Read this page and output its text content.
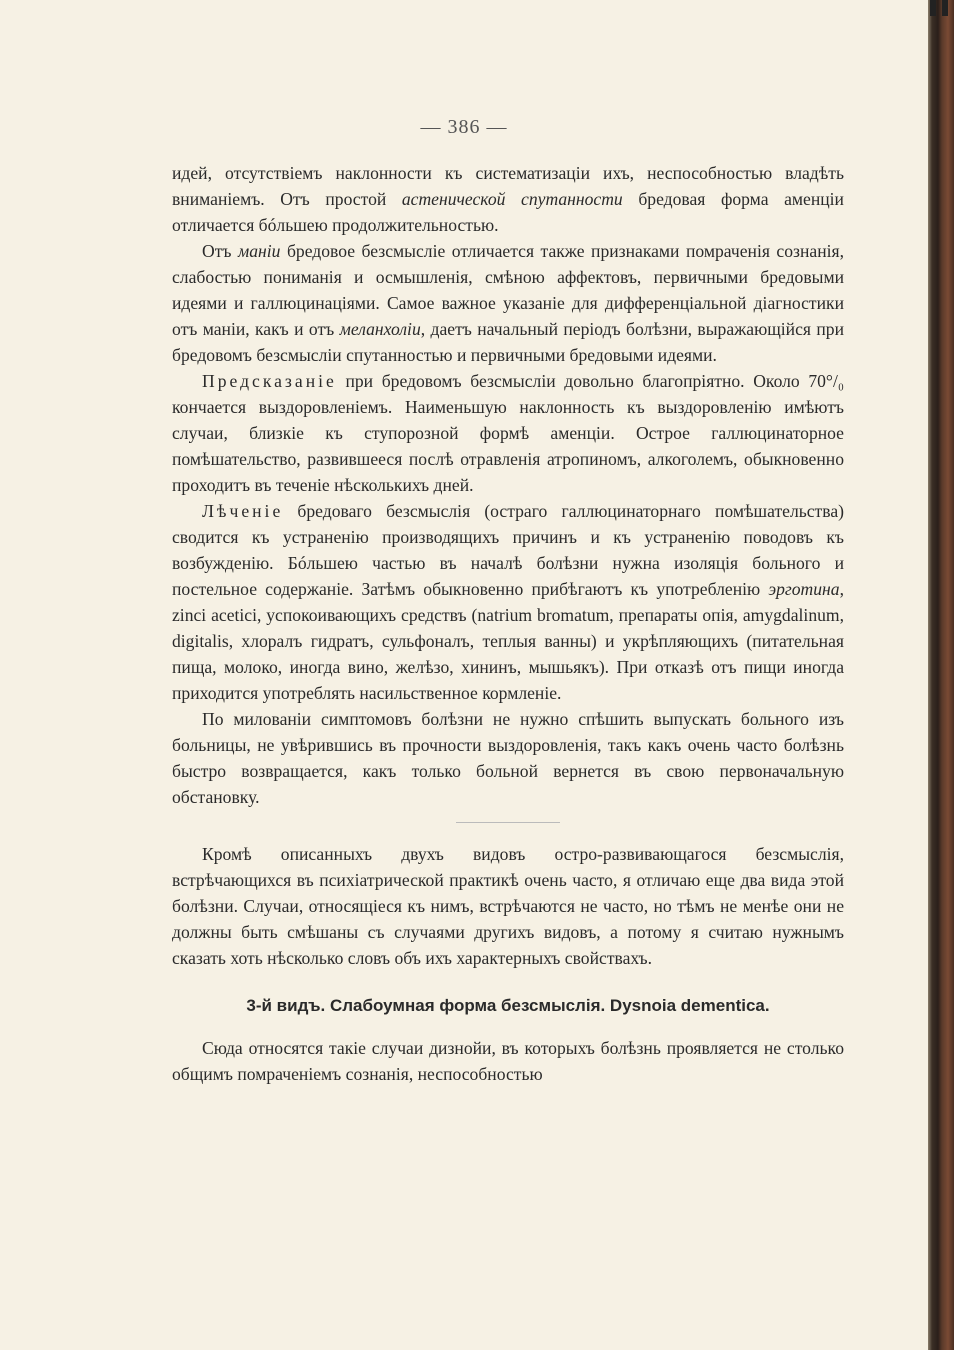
— 386 —

идей, отсутствіемъ наклонности къ систематизаціи ихъ, неспособностью владѣть вниманіемъ. Отъ простой астенической спутанности бредовая форма аменціи отличается бóльшею продолжительностью.

Отъ маніи бредовое безсмысліе отличается также признаками помраченія сознанія, слабостью пониманія и осмышленія, смѣною аффектовъ, первичными бредовыми идеями и галлюцинаціями. Самое важное указаніе для дифференціальной діагностики отъ маніи, какъ и отъ меланхоліи, даетъ начальный періодъ болѣзни, выражающійся при бредовомъ безсмысліи спутанностью и первичными бредовыми идеями.

Предсказаніе при бредовомъ безсмысліи довольно благопріятно. Около 70°/₀ кончается выздоровленіемъ. Наименьшую наклонность къ выздоровленію имѣютъ случаи, близкіе къ ступорозной формѣ аменціи. Острое галлюцинаторное помѣшательство, развившееся послѣ отравленія атропиномъ, алкоголемъ, обыкновенно проходитъ въ теченіе нѣсколькихъ дней.

Лѣченіе бредоваго безсмыслія (остраго галлюцинаторнаго помѣшательства) сводится къ устраненію производящихъ причинъ и къ устраненію поводовъ къ возбужденію. Бóльшею частью въ началѣ болѣзни нужна изоляція больного и постельное содержаніе. Затѣмъ обыкновенно прибѣгаютъ къ употребленію эрготина, zinci acetici, успокоивающихъ средствъ (natrium bromatum, препараты опія, amygdalinum, digitalis, хлоралъ гидратъ, сульфоналъ, теплыя ванны) и укрѣпляющихъ (питательная пища, молоко, иногда вино, желѣзо, хининъ, мышьякъ). При отказѣ отъ пищи иногда приходится употреблять насильственное кормленіе.

По милованіи симптомовъ болѣзни не нужно спѣшить выпускать больного изъ больницы, не увѣрившись въ прочности выздоровленія, такъ какъ очень часто болѣзнь быстро возвращается, какъ только больной вернется въ свою первоначальную обстановку.

Кромѣ описанныхъ двухъ видовъ остро-развивающагося безсмыслія, встрѣчающихся въ психіатрической практикѣ очень часто, я отличаю еще два вида этой болѣзни. Случаи, относящіеся къ нимъ, встрѣчаются не часто, но тѣмъ не менѣе они не должны быть смѣшаны съ случаями другихъ видовъ, а потому я считаю нужнымъ сказать хоть нѣсколько словъ объ ихъ характерныхъ свойствахъ.

3-й видъ. Слабоумная форма безсмыслія. Dysnoia dementica.

Сюда относятся такіе случаи дизнойи, въ которыхъ болѣзнь проявляется не столько общимъ помраченіемъ сознанія, неспособностью
